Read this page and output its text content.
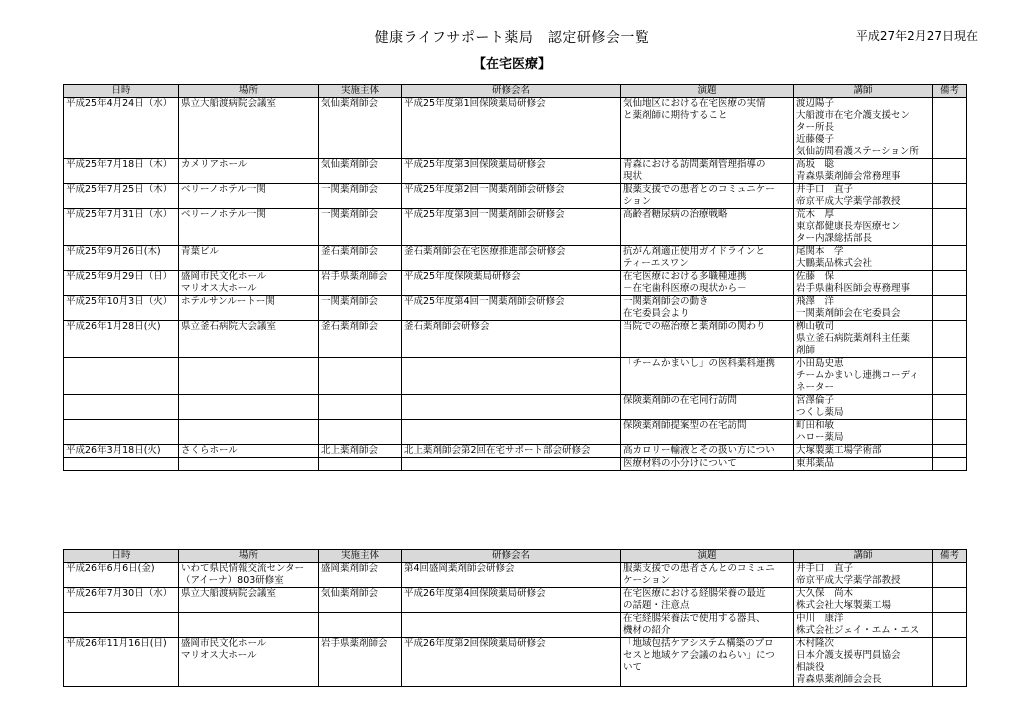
健康ライフサポート薬局　認定研修会一覧	平成27年2月27日現在
【在宅医療】
日時	場所	実施主体	研修会名	演題	講師	備考
平成25年4月24日（水）	県立大船渡病院会議室	気仙薬剤師会	平成25年度第1回保険薬局研修会	気仙地区における在宅医療の実情
と薬剤師に期待すること	渡辺陽子
大船渡市在宅介護支援セン
ター所長
近藤優子
気仙訪問看護ステーション所	
平成25年7月18日（木）	カメリアホール	気仙薬剤師会	平成25年度第3回保険薬局研修会	青森における訪問薬剤管理指導の
現状	高坂　聡
青森県薬剤師会常務理事	
平成25年7月25日（木）	ベリーノホテル一関	一関薬剤師会	平成25年度第2回一関薬剤師会研修会	服薬支援での患者とのコミュニケー
ション	井手口　直子
帝京平成大学薬学部教授	
平成25年7月31日（水）	ベリーノホテル一関	一関薬剤師会	平成25年度第3回一関薬剤師会研修会	高齢者糖尿病の治療戦略	荒木　厚
東京都健康長寿医療セン
ター内課総括部長	
平成25年9月26日(木)	青葉ビル	釜石薬剤師会	釜石薬剤師会在宅医療推進部会研修会	抗がん剤適正使用ガイドラインと
ティーエスワン	尾関本　学
大鵬薬品株式会社	
平成25年9月29日（日）	盛岡市民文化ホール
マリオス大ホール	岩手県薬剤師会	平成25年度保険薬局研修会	在宅医療における多職種連携
－在宅歯科医療の現状から－	佐藤　保
岩手県歯科医師会専務理事	
平成25年10月3日（火）	ホテルサンルートー関	一関薬剤師会	平成25年度第4回一関薬剤師会研修会	一関薬剤師会の動き
在宅委員会より	飛澤　洋
一関薬剤師会在宅委員会	
平成26年1月28日(火)	県立釜石病院大会議室	釜石薬剤師会	釜石薬剤師会研修会	当院での癌治療と薬剤師の関わり	栁山敬司
県立釜石病院薬剤科主任薬
剤師	
				「チームかまいし」の医科薬科連携	小田島史恵
チームかまいし連携コーディ
ネーター	
				保険薬剤師の在宅同行訪問	宮澤倫子
つくし薬局	
				保険薬剤師提案型の在宅訪問	町田和敏
ハロー薬局	
平成26年3月18日(火)	さくらホール	北上薬剤師会	北上薬剤師会第2回在宅サポート部会研修会	高カロリー輸液とその扱い方につい	大塚製薬工場学術部	
				医療材料の小分けについて	東邦薬品	
日時	場所	実施主体	研修会名	演題	講師	備考
平成26年6月6日(金)	いわて県民情報交流センター
（アイーナ）803研修室	盛岡薬剤師会	第4回盛岡薬剤師会研修会	服薬支援での患者さんとのコミュニ
ケーション	井手口　直子
帝京平成大学薬学部教授	
平成26年7月30日（水）	県立大船渡病院会議室	気仙薬剤師会	平成26年度第4回保険薬局研修会	在宅医療における経腸栄養の最近
の話題・注意点	大久保　尚木
株式会社大塚製薬工場	
				在宅経腸栄養法で使用する器具、
機材の紹介	中川　康洋
株式会社ジェイ・エム・エス	
平成26年11月16日(日)	盛岡市民文化ホール
マリオス大ホール	岩手県薬剤師会	平成26年度第2回保険薬局研修会	「地域包括ケアシステム構築のプロ
セスと地域ケア会議のねらい」につ
いて	木村隆次
日本介護支援専門員協会
相談役
青森県薬剤師会会長	
